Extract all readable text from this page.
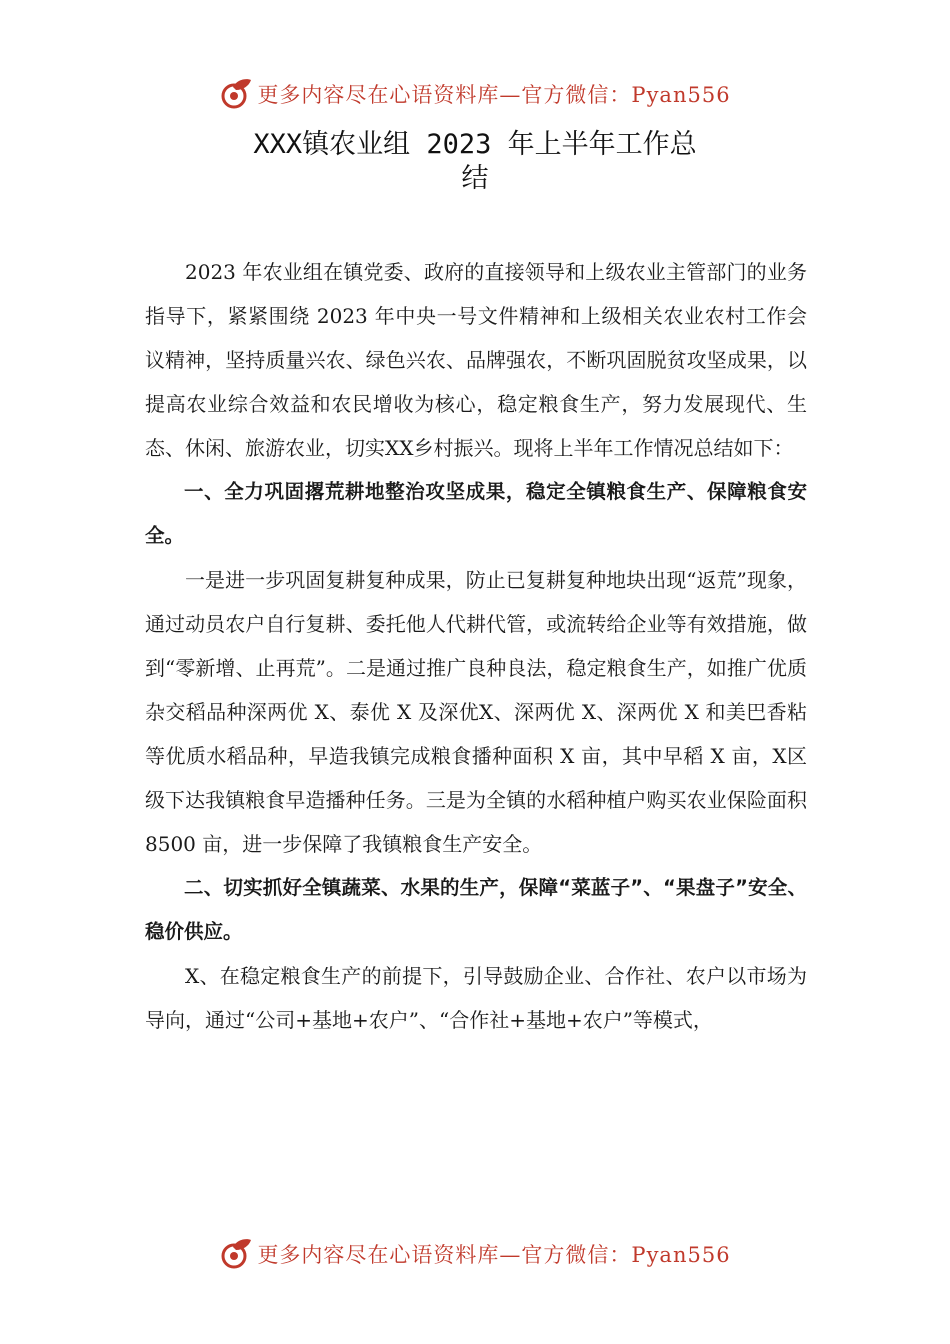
更多内容尽在心语资料库—官方微信：Pyan556
XXX镇农业组 2023 年上半年工作总
结

2023 年农业组在镇党委、政府的直接领导和上级农业主管部门的业务指导下，紧紧围绕 2023 年中央一号文件精神和上级相关农业农村工作会议精神，坚持质量兴农、绿色兴农、品牌强农，不断巩固脱贫攻坚成果，以提高农业综合效益和农民增收为核心，稳定粮食生产，努力发展现代、生态、休闲、旅游农业，切实XX乡村振兴。现将上半年工作情况总结如下：

一、全力巩固撂荒耕地整治攻坚成果，稳定全镇粮食生产、保障粮食安全。

一是进一步巩固复耕复种成果，防止已复耕复种地块出现“返荒”现象，通过动员农户自行复耕、委托他人代耕代管，或流转给企业等有效措施，做到“零新增、止再荒”。二是通过推广良种良法，稳定粮食生产，如推广优质杂交稻品种深两优 X、泰优 X 及深优X、深两优 X、深两优 X 和美巴香粘等优质水稻品种，早造我镇完成粮食播种面积 X 亩，其中早稻 X 亩，X区级下达我镇粮食早造播种任务。三是为全镇的水稻种植户购买农业保险面积8500 亩，进一步保障了我镇粮食生产安全。

二、切实抓好全镇蔬菜、水果的生产，保障“菜蓝子”、“果盘子”安全、稳价供应。

X、在稳定粮食生产的前提下，引导鼓励企业、合作社、农户以市场为导向，通过“公司+基地+农户”、“合作社+基地+农户”等模式，

更多内容尽在心语资料库—官方微信：Pyan556
